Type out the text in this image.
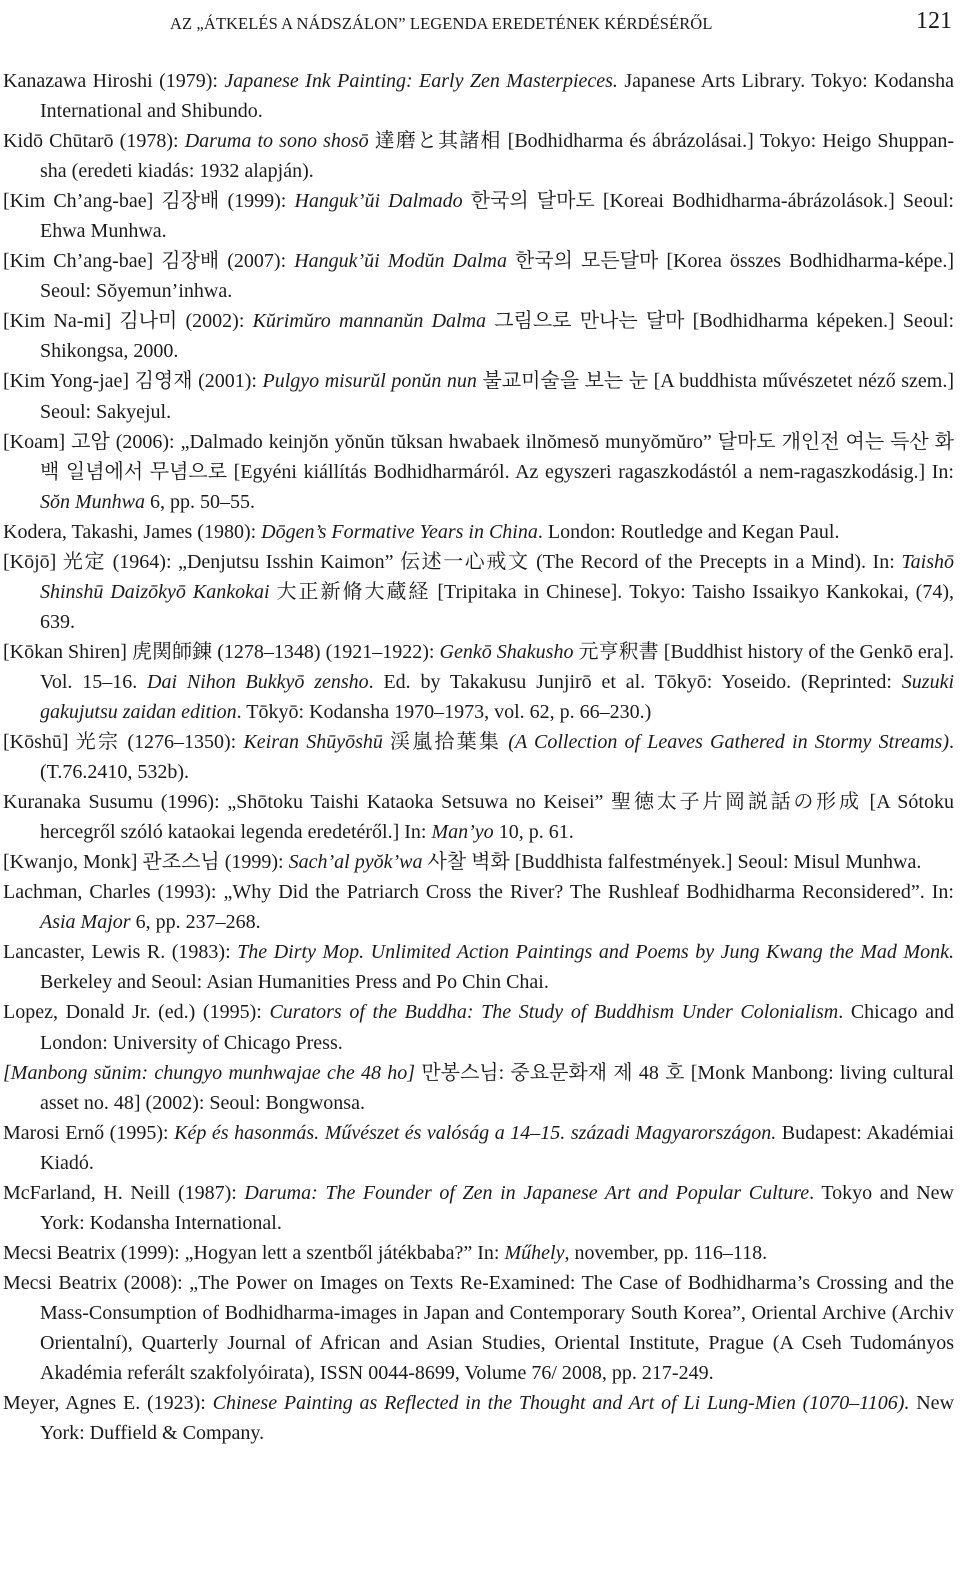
AZ „ÁTKELÉS A NÁDSZÁLON” LEGENDA EREDETÉNEK KÉRDÉSÉRŐL	121

Kanazawa Hiroshi (1979): Japanese Ink Painting: Early Zen Masterpieces. Japanese Arts Library. Tokyo: Kodansha International and Shibundo.

Kidō Chūtarō (1978): Daruma to sono shosō 達磨と其諸相 [Bodhidharma és ábrázolásai.] Tokyo: Heigo Shuppan-sha (eredeti kiadás: 1932 alapján).

[Kim Ch’ang-bae] 김장배 (1999): Hanguk’ŭi Dalmado 한국의 달마도 [Koreai Bodhidharma-ábrázolások.] Seoul: Ehwa Munhwa.

[Kim Ch’ang-bae] 김장배 (2007): Hanguk’ŭi Modŭn Dalma 한국의 모든달마 [Korea összes Bodhidharma-képe.] Seoul: Sŏyemun’inhwa.

[Kim Na-mi] 김나미 (2002): Kŭrimŭro mannanŭn Dalma 그림으로 만나는 달마 [Bodhidharma képeken.] Seoul: Shikongsa, 2000.

[Kim Yong-jae] 김영재 (2001): Pulgyo misurŭl ponŭn nun 불교미술을 보는 눈 [A buddhista művészetet néző szem.] Seoul: Sakyejul.

[Koam] 고암 (2006): „Dalmado keinjŏn yŏnŭn tŭksan hwabaek ilnŏmesŏ munyŏmŭro” 달마도 개인전 여는 득산 화백 일념에서 무념으로 [Egyéni kiállítás Bodhidharmáról. Az egyszeri ragaszkodástól a nem-ragaszkodásig.] In: Sŏn Munhwa 6, pp. 50–55.

Kodera, Takashi, James (1980): Dōgen’s Formative Years in China. London: Routledge and Kegan Paul.

[Kōjō] 光定 (1964): „Denjutsu Isshin Kaimon” 伝述一心戒文 (The Record of the Precepts in a Mind). In: Taishō Shinshū Daizōkyō Kankokai 大正新脩大蔵経 [Tripitaka in Chinese]. Tokyo: Taisho Issaikyo Kankokai, (74), 639.

[Kōkan Shiren] 虎関師錬 (1278–1348) (1921–1922): Genkō Shakusho 元亨釈書 [Buddhist history of the Genkō era]. Vol. 15–16. Dai Nihon Bukkyō zensho. Ed. by Takakusu Junjirō et al. Tōkyō: Yoseido. (Reprinted: Suzuki gakujutsu zaidan edition. Tōkyō: Kodansha 1970–1973, vol. 62, p. 66–230.)

[Kōshū] 光宗 (1276–1350): Keiran Shūyōshū 渓嵐拾葉集 (A Collection of Leaves Gathered in Stormy Streams). (T.76.2410, 532b).

Kuranaka Susumu (1996): „Shōtoku Taishi Kataoka Setsuwa no Keisei” 聖徳太子片岡説話の形成 [A Sótoku hercegről szóló kataokai legenda eredetéről.] In: Man’yo 10, p. 61.

[Kwanjo, Monk] 관조스님 (1999): Sach’al pyŏk’wa 사찰 벽화 [Buddhista falfestmények.] Seoul: Misul Munhwa.

Lachman, Charles (1993): „Why Did the Patriarch Cross the River? The Rushleaf Bodhidharma Reconsidered”. In: Asia Major 6, pp. 237–268.

Lancaster, Lewis R. (1983): The Dirty Mop. Unlimited Action Paintings and Poems by Jung Kwang the Mad Monk. Berkeley and Seoul: Asian Humanities Press and Po Chin Chai.

Lopez, Donald Jr. (ed.) (1995): Curators of the Buddha: The Study of Buddhism Under Colonialism. Chicago and London: University of Chicago Press.

[Manbong sŭnim: chungyo munhwajae che 48 ho] 만봉스님: 중요문화재 제 48 호 [Monk Manbong: living cultural asset no. 48] (2002): Seoul: Bongwonsa.

Marosi Ernő (1995): Kép és hasonmás. Művészet és valóság a 14–15. századi Magyarországon. Budapest: Akadémiai Kiadó.

McFarland, H. Neill (1987): Daruma: The Founder of Zen in Japanese Art and Popular Culture. Tokyo and New York: Kodansha International.

Mecsi Beatrix (1999): „Hogyan lett a szentből játékbaba?” In: Műhely, november, pp. 116–118.

Mecsi Beatrix (2008): „The Power on Images on Texts Re-Examined: The Case of Bodhidharma’s Crossing and the Mass-Consumption of Bodhidharma-images in Japan and Contemporary South Korea”, Oriental Archive (Archiv Orientalní), Quarterly Journal of African and Asian Studies, Oriental Institute, Prague (A Cseh Tudományos Akadémia referált szakfolyóirata), ISSN 0044-8699, Volume 76/ 2008, pp. 217-249.

Meyer, Agnes E. (1923): Chinese Painting as Reflected in the Thought and Art of Li Lung-Mien (1070–1106). New York: Duffield & Company.
